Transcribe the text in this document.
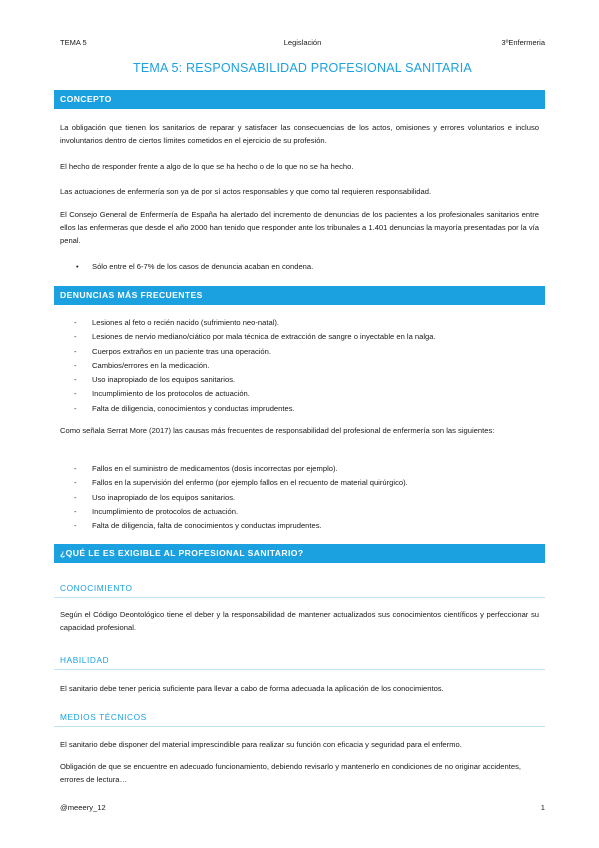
TEMA 5	Legislación	3ºEnfermeria
TEMA 5: RESPONSABILIDAD PROFESIONAL SANITARIA
CONCEPTO

La obligación que tienen los sanitarios de reparar y satisfacer las consecuencias de los actos, omisiones y errores voluntarios e incluso involuntarios dentro de ciertos límites cometidos en el ejercicio de su profesión.

El hecho de responder frente a algo de lo que se ha hecho o de lo que no se ha hecho.

Las actuaciones de enfermería son ya de por sí actos responsables y que como tal requieren responsabilidad.

El Consejo General de Enfermería de España ha alertado del incremento de denuncias de los pacientes a los profesionales sanitarios entre ellos las enfermeras que desde el año 2000 han tenido que responder ante los tribunales a 1.401 denuncias la mayoría presentadas por la vía penal.

• Sólo entre el 6-7% de los casos de denuncia acaban en condena.
DENUNCIAS MÁS FRECUENTES
- Lesiones al feto o recién nacido (sufrimiento neo-natal).
- Lesiones de nervio mediano/ciático por mala técnica de extracción de sangre o inyectable en la nalga.
- Cuerpos extraños en un paciente tras una operación.
- Cambios/errores en la medicación.
- Uso inapropiado de los equipos sanitarios.
- Incumplimiento de los protocolos de actuación.
- Falta de diligencia, conocimientos y conductas imprudentes.

Como señala Serrat More (2017) las causas más frecuentes de responsabilidad del profesional de enfermería son las siguientes:

- Fallos en el suministro de medicamentos (dosis incorrectas por ejemplo).
- Fallos en la supervisión del enfermo (por ejemplo fallos en el recuento de material quirúrgico).
- Uso inapropiado de los equipos sanitarios.
- Incumplimiento de protocolos de actuación.
- Falta de diligencia, falta de conocimientos y conductas imprudentes.
¿QUÉ LE ES EXIGIBLE AL PROFESIONAL SANITARIO?
CONOCIMIENTO

Según el Código Deontológico tiene el deber y la responsabilidad de mantener actualizados sus conocimientos científicos y perfeccionar su capacidad profesional.

HABILIDAD

El sanitario debe tener pericia suficiente para llevar a cabo de forma adecuada la aplicación de los conocimientos.

MEDIOS TÉCNICOS

El sanitario debe disponer del material imprescindible para realizar su función con eficacia y seguridad para el enfermo.

Obligación de que se encuentre en adecuado funcionamiento, debiendo revisarlo y mantenerlo en condiciones de no originar accidentes, errores de lectura…

@meeery_12	1
